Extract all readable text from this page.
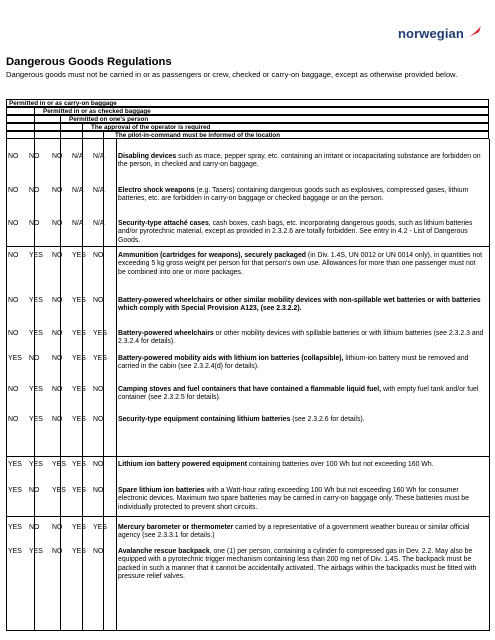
norwegian
Dangerous Goods Regulations
Dangerous goods must not be carried in or as passengers or crew, checked or carry-on baggage, except as otherwise provided below.
Permitted in or as carry-on baggage
Permitted in or as checked baggage
Permitted on one's person
The approval of the operator is required
The pilot-in-command must be informed of the location
NO NO NO N/A N/A Disabling devices such as mace, pepper spray, etc. containing an irritant or incapacitating substance are forbidden on the person, in checked and carry-on baggage.
NO NO NO N/A N/A Electro shock weapons (e.g. Tasers) containing dangerous goods such as explosives, compressed gases, lithium batteries, etc. are forbidden in carry-on baggage or checked baggage or on the person.
NO NO NO N/A N/A Security-type attaché cases, cash boxes, cash bags, etc. incorporating dangerous goods, such as lithium batteries and/or pyrotechnic material, except as provided in 2.3.2.6 are totally forbidden. See entry in 4.2 - List of Dangerous Goods.
NO YES NO YES NO Ammunition (cartridges for weapons), securely packaged (in Div. 1.4S, UN 0012 or UN 0014 only), in quantities not exceeding 5 kg gross weight per person for that person's own use. Allowances for more than one passenger must not be combined into one or more packages.
NO YES NO YES NO Battery-powered wheelchairs or other similar mobility devices with non-spillable wet batteries or with batteries which comply with Special Provision A123, (see 2.3.2.2).
NO YES NO YES YES Battery-powered wheelchairs or other mobility devices with spillable batteries or with lithium batteries (see 2.3.2.3 and 2.3.2.4 for details).
YES NO NO YES YES Battery-powered mobility aids with lithium ion batteries (collapsible), lithium-ion battery must be removed and carried in the cabin (see 2.3.2.4(d) for details).
NO YES NO YES NO Camping stoves and fuel containers that have contained a flammable liquid fuel, with empty fuel tank and/or fuel container (see 2.3.2.5 for details).
NO YES NO YES NO Security-type equipment containing lithium batteries (see 2.3.2.6 for details).
YES YES YES YES NO Lithium ion battery powered equipment containing batteries over 100 Wh but not exceeding 160 Wh.
YES NO YES YES NO Spare lithium ion batteries with a Watt-hour rating exceeding 100 Wh but not exceeding 160 Wh for consumer electronic devices. Maximum two spare batteries may be carried in carry-on baggage only. These batteries must be individually protected to prevent short circuits.
YES NO NO YES YES Mercury barometer or thermometer carried by a representative of a government weather bureau or similar official agency (see 2.3.3.1 for details.)
YES YES NO YES NO Avalanche rescue backpack, one (1) per person, containing a cylinder fo compressed gas in Dev. 2.2. May also be equipped with a pyrotechnic trigger mechanism containing less than 200 mg net of Div. 1.4S. The backpack must be packed in such a manner that it cannot be accidentally activated. The airbags within the backpacks must be fitted with pressure relief valves.
